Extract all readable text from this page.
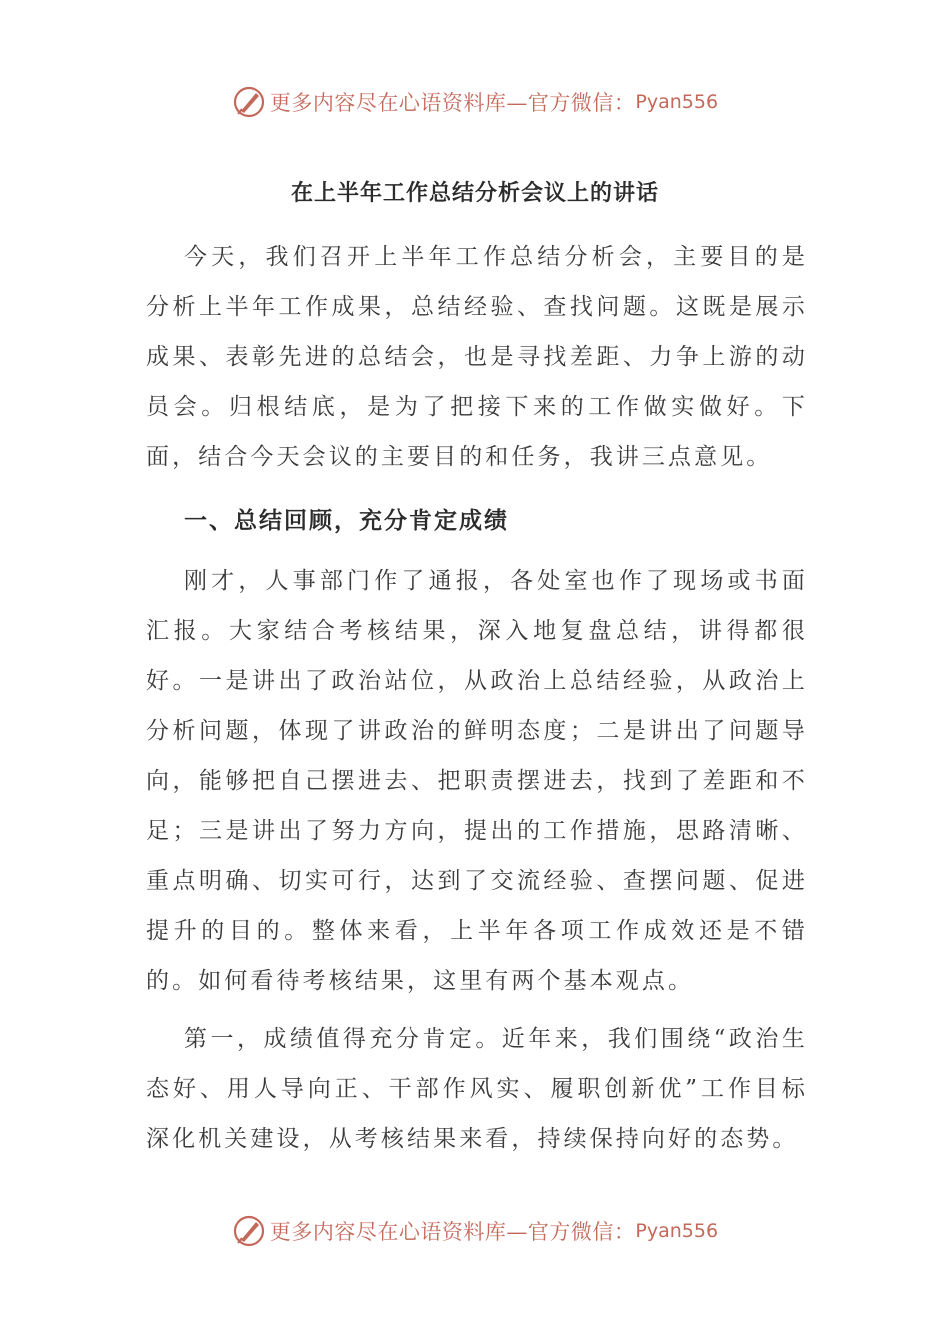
更多内容尽在心语资料库—官方微信： Pyan556
在上半年工作总结分析会议上的讲话

今天，我们召开上半年工作总结分析会，主要目的是分析上半年工作成果，总结经验、查找问题。这既是展示成果、表彰先进的总结会，也是寻找差距、力争上游的动员会。归根结底，是为了把接下来的工作做实做好。下面，结合今天会议的主要目的和任务，我讲三点意见。

一、总结回顾，充分肯定成绩

刚才，人事部门作了通报，各处室也作了现场或书面汇报。大家结合考核结果，深入地复盘总结，讲得都很好。一是讲出了政治站位，从政治上总结经验，从政治上分析问题，体现了讲政治的鲜明态度；二是讲出了问题导向，能够把自己摆进去、把职责摆进去，找到了差距和不足；三是讲出了努力方向，提出的工作措施，思路清晰、重点明确、切实可行，达到了交流经验、查摆问题、促进提升的目的。整体来看，上半年各项工作成效还是不错的。如何看待考核结果，这里有两个基本观点。

第一，成绩值得充分肯定。近年来，我们围绕“政治生态好、用人导向正、干部作风实、履职创新优”工作目标深化机关建设，从考核结果来看，持续保持向好的态势。

更多内容尽在心语资料库—官方微信： Pyan556
